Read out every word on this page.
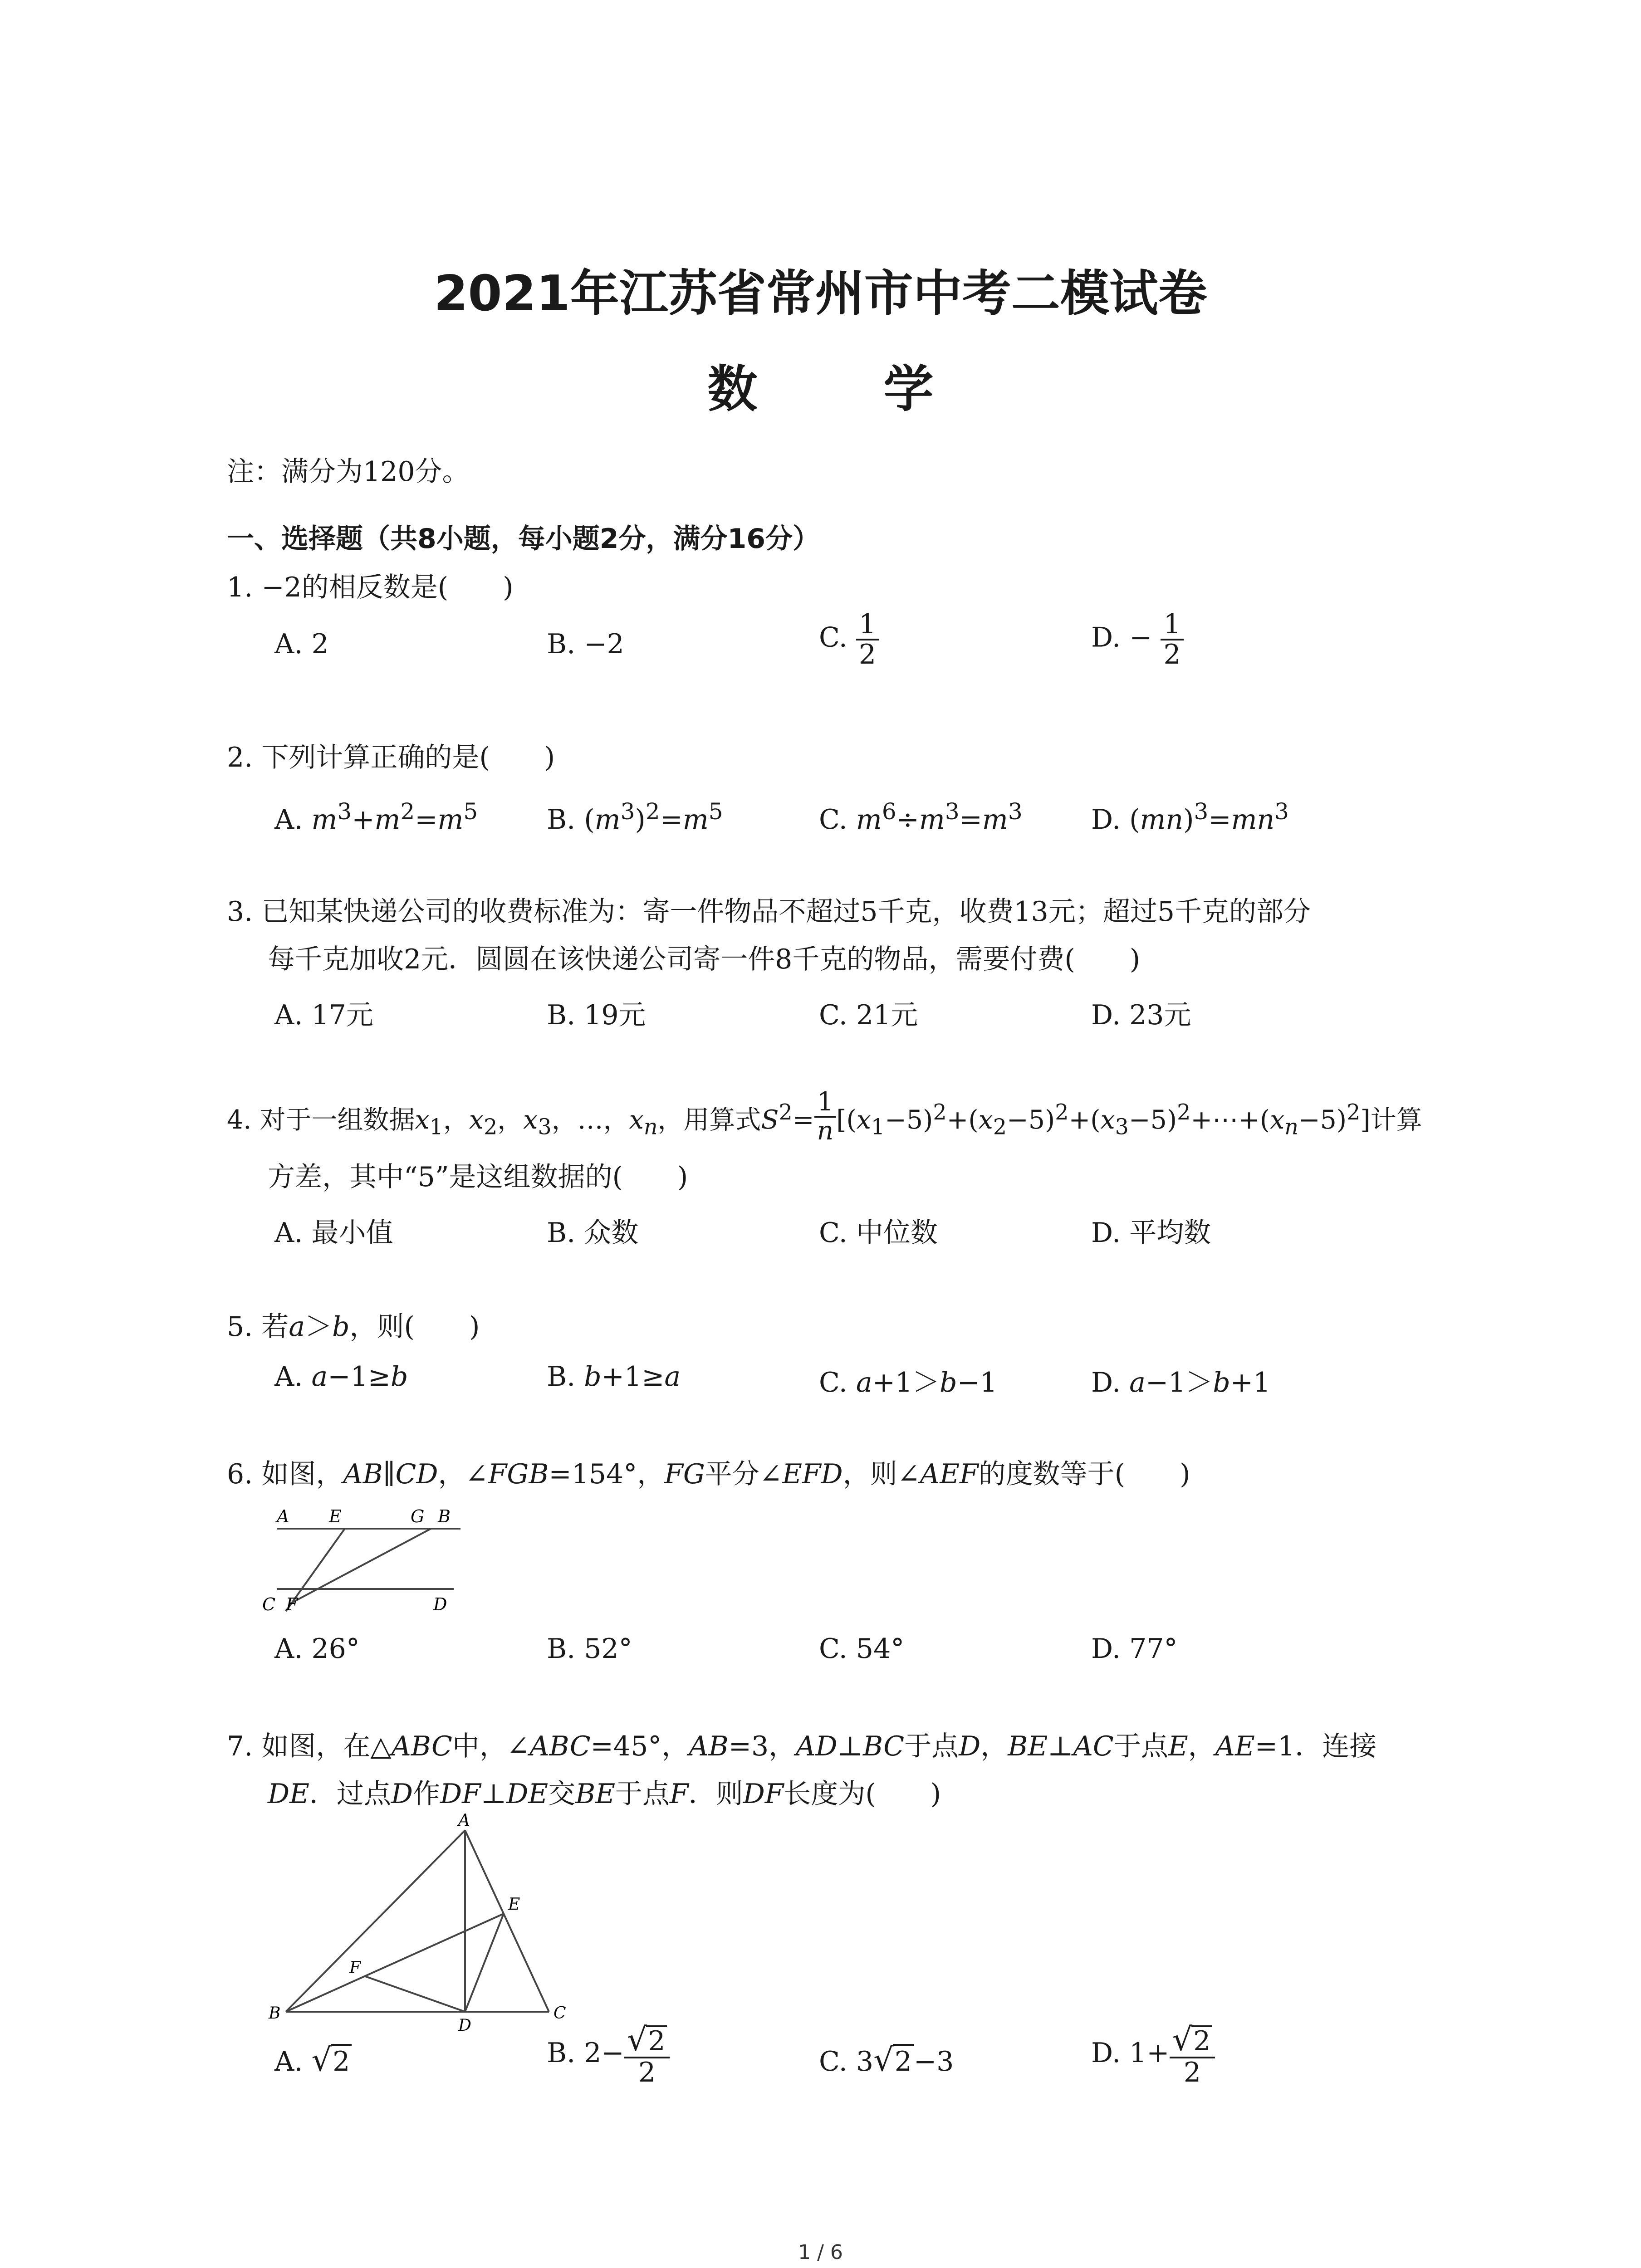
2021年江苏省常州市中考二模试卷
数 学
注：满分为120分。
一、选择题（共8小题，每小题2分，满分16分）
1. −2的相反数是(　　)
A. 2	B. −2	C. $\frac{1}{2}$	D. − $\frac{1}{2}$
2. 下列计算正确的是(　　)
A. $m^3+m^2=m^5$	B. $(m^3)^2=m^5$	C. $m^6\div m^3=m^3$	D. $(mn)^3=mn^3$
3. 已知某快递公司的收费标准为：寄一件物品不超过5千克，收费13元；超过5千克的部分
每千克加收2元．圆圆在该快递公司寄一件8千克的物品，需要付费(　　)
A. 17元	B. 19元	C. 21元	D. 23元
4. 对于一组数据$x_1$，$x_2$，$x_3$，…，$x_n$，用算式$S^2= \frac{1}{n}$ $[(x_1-5)^2+(x_2-5)^2+(x_3-5)^2+\cdots+(x_n-5)^2]$计算
方差，其中“5”是这组数据的(　　)
A. 最小值	B. 众数	C. 中位数	D. 平均数
5. 若a＞b，则(　　)
A. a−1≥b	B. b+1≥a	C. a+1＞b−1	D. a−1＞b+1
6. 如图，AB∥CD，∠FGB=154°，FG平分∠EFD，则∠AEF的度数等于(　　)
A E	G B
C F	D
A. 26°	B. 52°	C. 54°	D. 77°
7. 如图，在△ABC中，∠ABC=45°，AB=3，AD⊥BC于点D，BE⊥AC于点E，AE=1．连接
DE．过点D作DF⊥DE交BE于点F．则DF长度为(　　)
A
E
F
B
D
C
A. √2	B. $2- \frac{√2}{2}$	C. 3√2−3	D. $1+ \frac{√2}{2}$
1 / 6
